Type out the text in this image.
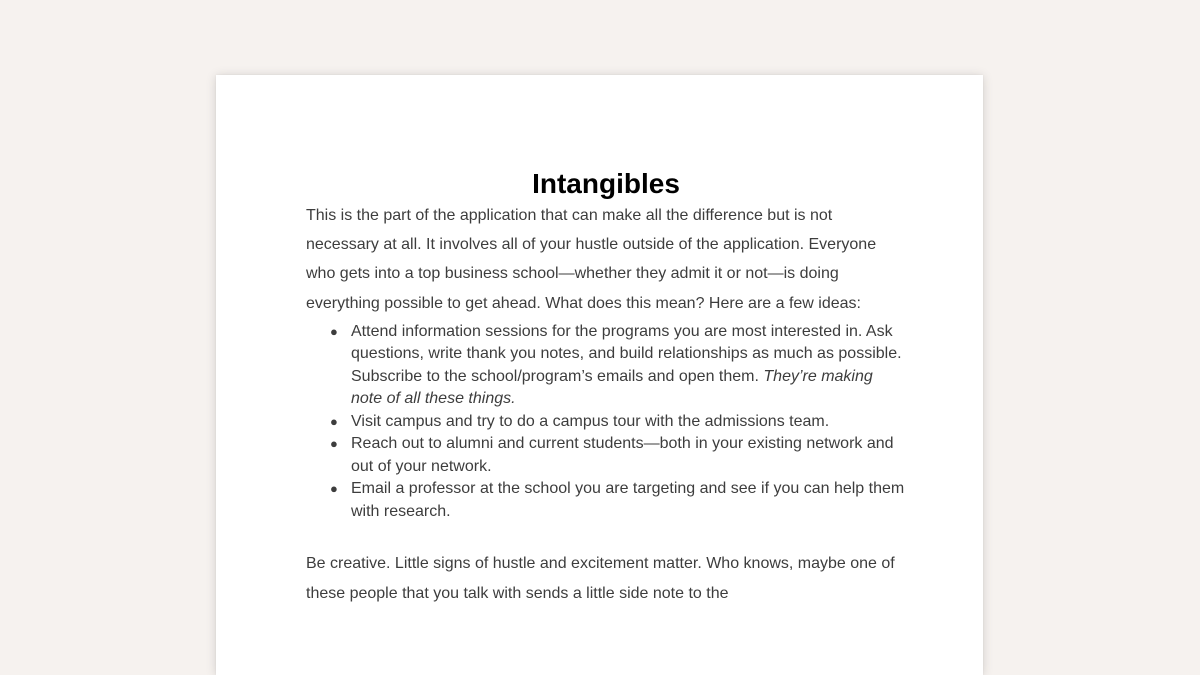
Intangibles

This is the part of the application that can make all the difference but is not necessary at all. It involves all of your hustle outside of the application. Everyone who gets into a top business school—whether they admit it or not—is doing everything possible to get ahead. What does this mean? Here are a few ideas:

● Attend information sessions for the programs you are most interested in. Ask questions, write thank you notes, and build relationships as much as possible. Subscribe to the school/program’s emails and open them. They’re making note of all these things.
● Visit campus and try to do a campus tour with the admissions team.
● Reach out to alumni and current students—both in your existing network and out of your network.
● Email a professor at the school you are targeting and see if you can help them with research.

Be creative. Little signs of hustle and excitement matter. Who knows, maybe one of these people that you talk with sends a little side note to the
